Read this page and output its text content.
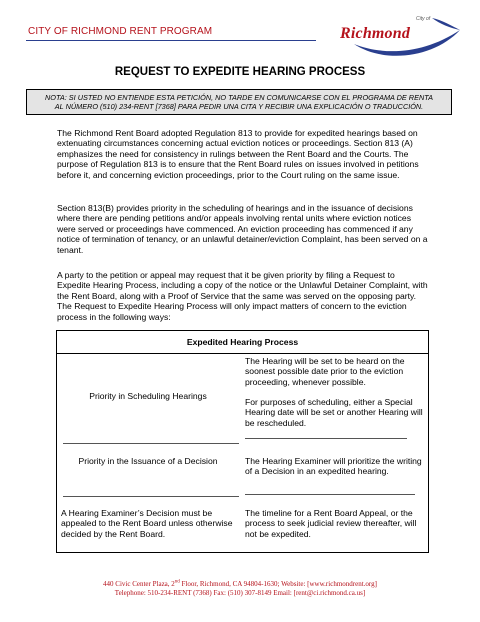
CITY OF RICHMOND RENT PROGRAM
City of
Richmond
REQUEST TO EXPEDITE HEARING PROCESS
NOTA: SI USTED NO ENTIENDE ESTA PETICIÓN, NO TARDE EN COMUNICARSE CON EL PROGRAMA DE RENTA
AL NÚMERO (510) 234-RENT [7368] PARA PEDIR UNA CITA Y RECIBIR UNA EXPLICACIÓN O TRADUCCIÓN.

The Richmond Rent Board adopted Regulation 813 to provide for expedited hearings based on extenuating circumstances concerning actual eviction notices or proceedings. Section 813 (A) emphasizes the need for consistency in rulings between the Rent Board and the Courts. The purpose of Regulation 813 is to ensure that the Rent Board rules on issues involved in petitions before it, and concerning eviction proceedings, prior to the Court ruling on the same issue.

Section 813(B) provides priority in the scheduling of hearings and in the issuance of decisions where there are pending petitions and/or appeals involving rental units where eviction notices were served or proceedings have commenced. An eviction proceeding has commenced if any notice of termination of tenancy, or an unlawful detainer/eviction Complaint, has been served on a tenant.

A party to the petition or appeal may request that it be given priority by filing a Request to Expedite Hearing Process, including a copy of the notice or the Unlawful Detainer Complaint, with the Rent Board, along with a Proof of Service that the same was served on the opposing party. The Request to Expedite Hearing Process will only impact matters of concern to the eviction process in the following ways:

Expedited Hearing Process
Priority in Scheduling Hearings
Priority in the Issuance of a Decision
A Hearing Examiner’s Decision must be appealed to the Rent Board unless otherwise decided by the Rent Board.
The Hearing will be set to be heard on the soonest possible date prior to the eviction proceeding, whenever possible.
For purposes of scheduling, either a Special Hearing date will be set or another Hearing will be rescheduled.
The Hearing Examiner will prioritize the writing of a Decision in an expedited hearing.
The timeline for a Rent Board Appeal, or the process to seek judicial review thereafter, will not be expedited.
440 Civic Center Plaza, 2nd Floor, Richmond, CA 94804-1630; Website: [www.richmondrent.org]
Telephone: 510-234-RENT (7368) Fax: (510) 307-8149 Email: [rent@ci.richmond.ca.us]
